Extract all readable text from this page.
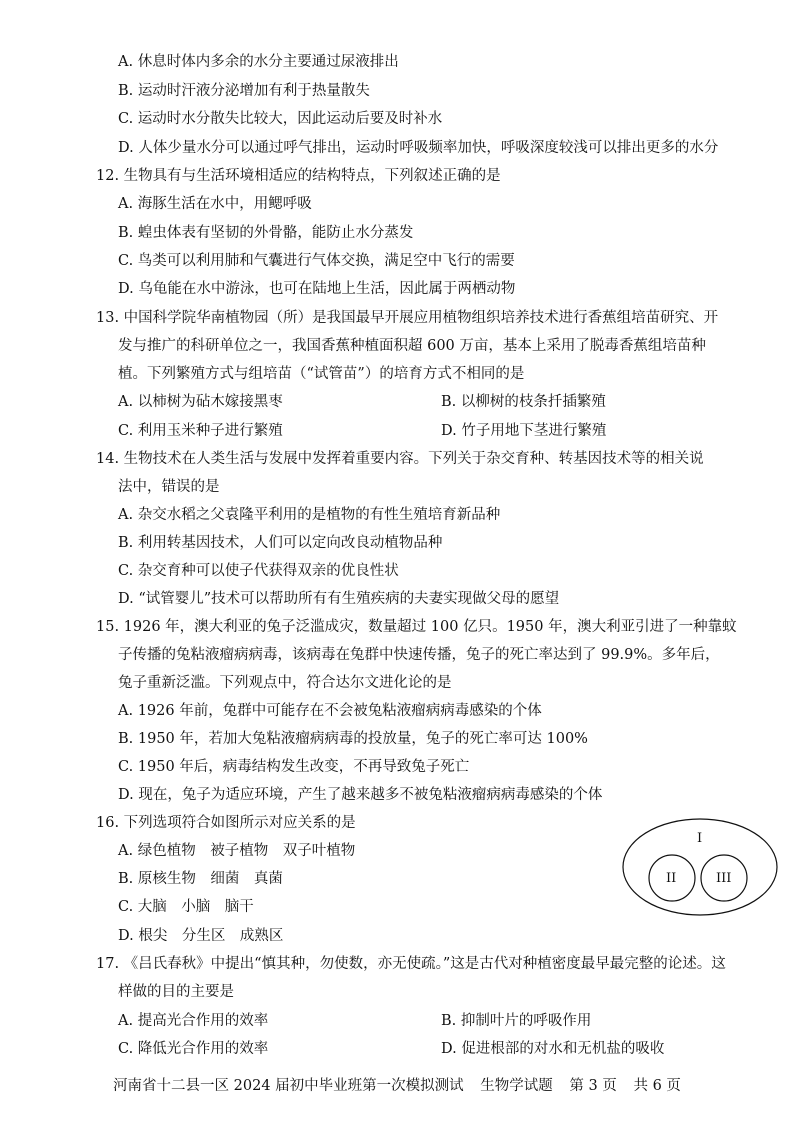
A. 休息时体内多余的水分主要通过尿液排出
B. 运动时汗液分泌增加有利于热量散失
C. 运动时水分散失比较大，因此运动后要及时补水
D. 人体少量水分可以通过呼气排出，运动时呼吸频率加快，呼吸深度较浅可以排出更多的水分
12. 生物具有与生活环境相适应的结构特点，下列叙述正确的是
A. 海豚生活在水中，用鳃呼吸
B. 蝗虫体表有坚韧的外骨骼，能防止水分蒸发
C. 鸟类可以利用肺和气囊进行气体交换，满足空中飞行的需要
D. 乌龟能在水中游泳，也可在陆地上生活，因此属于两栖动物
13. 中国科学院华南植物园（所）是我国最早开展应用植物组织培养技术进行香蕉组培苗研究、开
发与推广的科研单位之一，我国香蕉种植面积超 600 万亩，基本上采用了脱毒香蕉组培苗种
植。下列繁殖方式与组培苗（“试管苗”）的培育方式不相同的是
A. 以柿树为砧木嫁接黑枣	B. 以柳树的枝条扦插繁殖
C. 利用玉米种子进行繁殖	D. 竹子用地下茎进行繁殖
14. 生物技术在人类生活与发展中发挥着重要内容。下列关于杂交育种、转基因技术等的相关说
法中，错误的是
A. 杂交水稻之父袁隆平利用的是植物的有性生殖培育新品种
B. 利用转基因技术，人们可以定向改良动植物品种
C. 杂交育种可以使子代获得双亲的优良性状
D. “试管婴儿”技术可以帮助所有有生殖疾病的夫妻实现做父母的愿望
15. 1926 年，澳大利亚的兔子泛滥成灾，数量超过 100 亿只。1950 年，澳大利亚引进了一种靠蚊
子传播的兔粘液瘤病病毒，该病毒在兔群中快速传播，兔子的死亡率达到了 99.9%。多年后，
兔子重新泛滥。下列观点中，符合达尔文进化论的是
A. 1926 年前，兔群中可能存在不会被兔粘液瘤病病毒感染的个体
B. 1950 年，若加大兔粘液瘤病病毒的投放量，兔子的死亡率可达 100%
C. 1950 年后，病毒结构发生改变，不再导致兔子死亡
D. 现在，兔子为适应环境，产生了越来越多不被兔粘液瘤病病毒感染的个体
16. 下列选项符合如图所示对应关系的是
A. 绿色植物　被子植物　双子叶植物
B. 原核生物　细菌　真菌
C. 大脑　小脑　脑干
D. 根尖　分生区　成熟区
I
II	III
17. 《吕氏春秋》中提出“慎其种，勿使数，亦无使疏。”这是古代对种植密度最早最完整的论述。这
样做的目的主要是
A. 提高光合作用的效率	B. 抑制叶片的呼吸作用
C. 降低光合作用的效率	D. 促进根部的对水和无机盐的吸收
河南省十二县一区 2024 届初中毕业班第一次模拟测试 生物学试题 第 3 页 共 6 页
